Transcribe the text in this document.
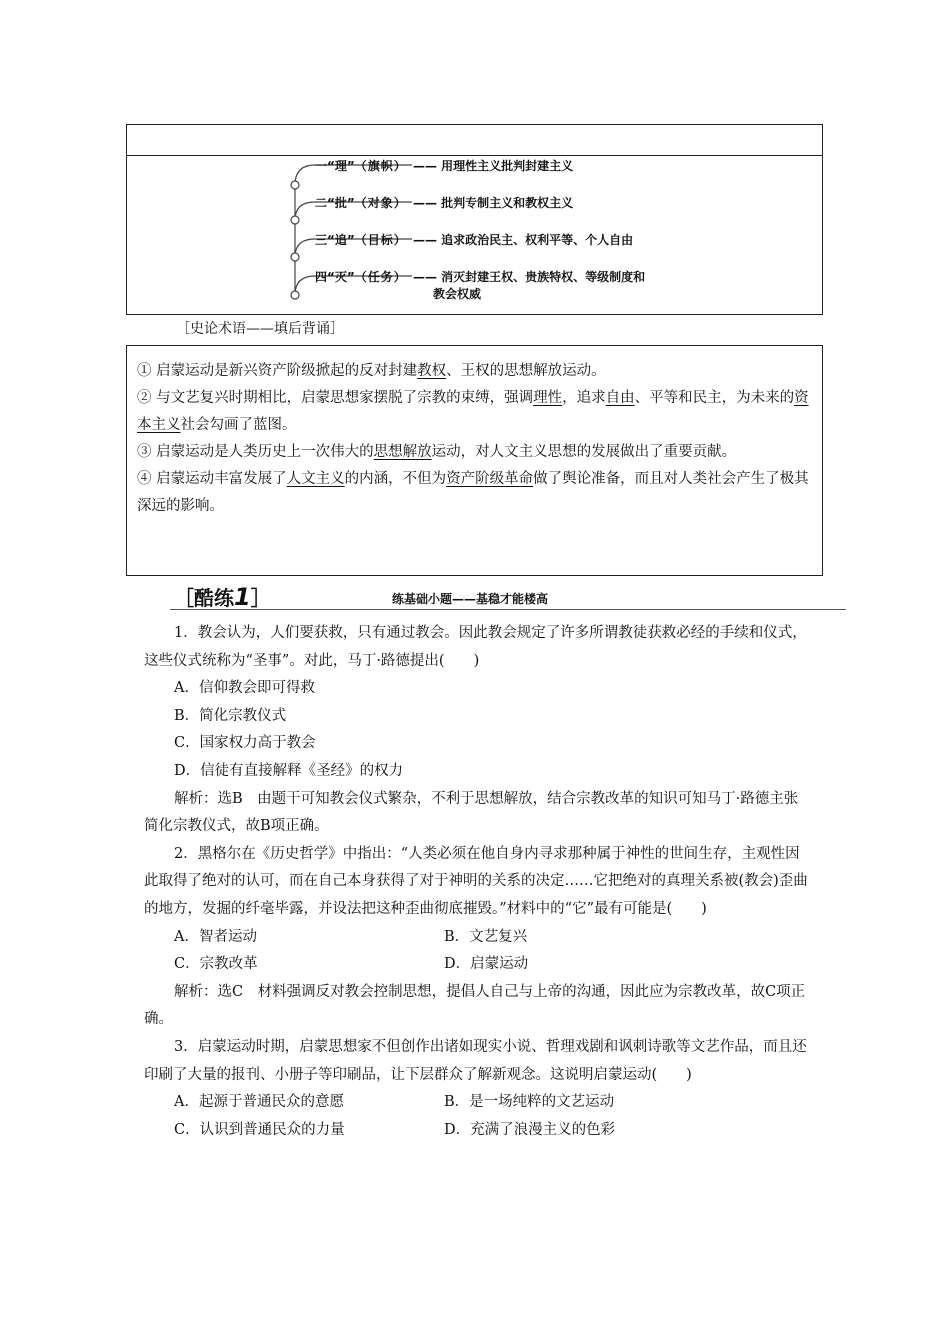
一“理”（旗帜） —— 用理性主义批判封建主义
二“批”（对象） —— 批判专制主义和教权主义
三“追”（目标） —— 追求政治民主、权利平等、个人自由
四“灭”（任务） —— 消灭封建王权、贵族特权、等级制度和
教会权威
［史论术语——填后背诵］

① 启蒙运动是新兴资产阶级掀起的反对封建教权、王权的思想解放运动。

② 与文艺复兴时期相比，启蒙思想家摆脱了宗教的束缚，强调理性，追求自由、平等和民主，为未来的资本主义社会勾画了蓝图。

③ 启蒙运动是人类历史上一次伟大的思想解放运动，对人文主义思想的发展做出了重要贡献。

④ 启蒙运动丰富发展了人文主义的内涵，不但为资产阶级革命做了舆论准备，而且对人类社会产生了极其深远的影响。

［酷练1］	练基础小题——基稳才能楼高

1．教会认为，人们要获救，只有通过教会。因此教会规定了许多所谓教徒获救必经的手续和仪式，这些仪式统称为“圣事”。对此，马丁·路德提出(　　)

A．信仰教会即可得救

B．简化宗教仪式

C．国家权力高于教会

D．信徒有直接解释《圣经》的权力

解析：选B　由题干可知教会仪式繁杂，不利于思想解放，结合宗教改革的知识可知马丁·路德主张简化宗教仪式，故B项正确。

2．黑格尔在《历史哲学》中指出：“人类必须在他自身内寻求那种属于神性的世间生存，主观性因此取得了绝对的认可，而在自己本身获得了对于神明的关系的决定……它把绝对的真理关系被(教会)歪曲的地方，发掘的纤毫毕露，并设法把这种歪曲彻底摧毁。”材料中的“它”最有可能是(　　)

A．智者运动	B．文艺复兴

C．宗教改革	D．启蒙运动

解析：选C　材料强调反对教会控制思想，提倡人自己与上帝的沟通，因此应为宗教改革，故C项正确。

3．启蒙运动时期，启蒙思想家不但创作出诸如现实小说、哲理戏剧和讽刺诗歌等文艺作品，而且还印刷了大量的报刊、小册子等印刷品，让下层群众了解新观念。这说明启蒙运动(　　)

A．起源于普通民众的意愿	B．是一场纯粹的文艺运动

C．认识到普通民众的力量	D．充满了浪漫主义的色彩
